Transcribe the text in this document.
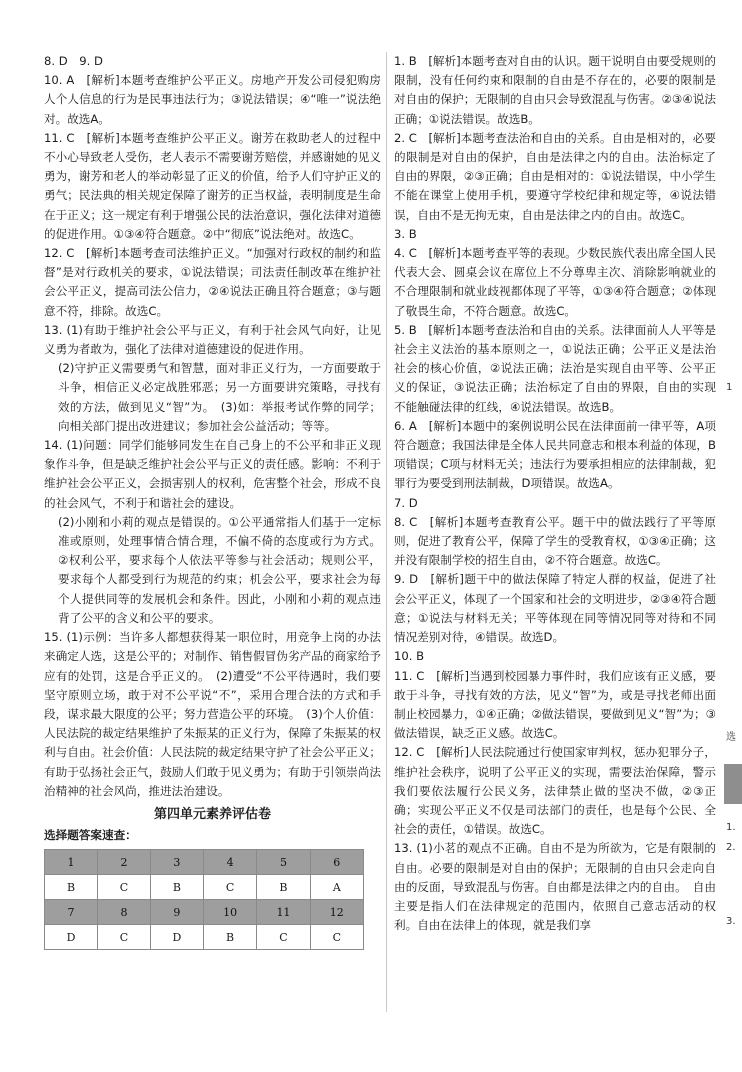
8. D　9. D

10. A　[解析]本题考查维护公平正义。房地产开发公司侵犯购房人个人信息的行为是民事违法行为；③说法错误；④“唯一”说法绝对。故选A。

11. C　[解析]本题考查维护公平正义。谢芳在救助老人的过程中不小心导致老人受伤，老人表示不需要谢芳赔偿，并感谢她的见义勇为，谢芳和老人的举动彰显了正义的价值，给予人们守护正义的勇气；民法典的相关规定保障了谢芳的正当权益，表明制度是生命在于正义；这一规定有利于增强公民的法治意识，强化法律对道德的促进作用。①③④符合题意。②中“彻底”说法绝对。故选C。

12. C　[解析]本题考查司法维护正义。“加强对行政权的制约和监督”是对行政机关的要求，①说法错误；司法责任制改革在维护社会公平正义，提高司法公信力，②④说法正确且符合题意；③与题意不符，排除。故选C。

13. (1)有助于维护社会公平与正义，有利于社会风气向好，让见义勇为者敢为，强化了法律对道德建设的促进作用。

(2)守护正义需要勇气和智慧，面对非正义行为，一方面要敢于斗争，相信正义必定战胜邪恶；另一方面要讲究策略，寻找有效的方法，做到见义“智”为。　(3)如：举报考试作弊的同学；向相关部门提出改进建议；参加社会公益活动；等等。

14. (1)问题：同学们能够同发生在自己身上的不公平和非正义现象作斗争，但是缺乏维护社会公平与正义的责任感。影响：不利于维护社会公平正义，会损害别人的权利，危害整个社会，形成不良的社会风气，不利于和谐社会的建设。

(2)小刚和小莉的观点是错误的。①公平通常指人们基于一定标准或原则，处理事情合情合理，不偏不倚的态度或行为方式。②权利公平，要求每个人依法平等参与社会活动；规则公平，要求每个人都受到行为规范的约束；机会公平，要求社会为每个人提供同等的发展机会和条件。因此，小刚和小莉的观点违背了公平的含义和公平的要求。

15. (1)示例：当许多人都想获得某一职位时，用竞争上岗的办法来确定人选，这是公平的；对制作、销售假冒伪劣产品的商家给予应有的处罚，这是合乎正义的。　(2)遭受“不公平待遇时，我们要坚守原则立场，敢于对不公平说“不”，采用合理合法的方式和手段，谋求最大限度的公平；努力营造公平的环境。　(3)个人价值：人民法院的裁定结果维护了朱振某的正义行为，保障了朱振某的权利与自由。社会价值：人民法院的裁定结果守护了社会公平正义；有助于弘扬社会正气，鼓励人们敢于见义勇为；有助于引领崇尚法治精神的社会风尚，推进法治建设。

第四单元素养评估卷
选择题答案速查：
1	2	3	4	5	6
B	C	B	C	B	A
7	8	9	10	11	12
D	C	D	B	C	C

1. B　[解析]本题考查对自由的认识。题干说明自由要受规则的限制，没有任何约束和限制的自由是不存在的，必要的限制是对自由的保护；无限制的自由只会导致混乱与伤害。②③④说法正确；①说法错误。故选B。

2. C　[解析]本题考查法治和自由的关系。自由是相对的，必要的限制是对自由的保护，自由是法律之内的自由。法治标定了自由的界限，②③正确；自由是相对的：①说法错误，中小学生不能在课堂上使用手机，要遵守学校纪律和规定等，④说法错误，自由不是无拘无束，自由是法律之内的自由。故选C。

3. B

4. C　[解析]本题考查平等的表现。少数民族代表出席全国人民代表大会、圆桌会议在席位上不分尊卑主次、消除影响就业的不合理限制和就业歧视都体现了平等，①③④符合题意；②体现了敬畏生命，不符合题意。故选C。

5. B　[解析]本题考查法治和自由的关系。法律面前人人平等是社会主义法治的基本原则之一，①说法正确；公平正义是法治社会的核心价值，②说法正确；法治是实现自由平等、公平正义的保证，③说法正确；法治标定了自由的界限，自由的实现不能触碰法律的红线，④说法错误。故选B。

6. A　[解析]本题中的案例说明公民在法律面前一律平等，A项符合题意；我国法律是全体人民共同意志和根本利益的体现，B项错误；C项与材料无关；违法行为要承担相应的法律制裁，犯罪行为要受到刑法制裁，D项错误。故选A。

7. D

8. C　[解析]本题考查教育公平。题干中的做法践行了平等原则，促进了教育公平，保障了学生的受教育权，①③④正确；这并没有限制学校的招生自由，②不符合题意。故选C。

9. D　[解析]题干中的做法保障了特定人群的权益，促进了社会公平正义，体现了一个国家和社会的文明进步，②③④符合题意；①说法与材料无关；平等体现在同等情况同等对待和不同情况差别对待，④错误。故选D。

10. B

11. C　[解析]当遇到校园暴力事件时，我们应该有正义感，要敢于斗争，寻找有效的方法，见义“智”为，或是寻找老师出面制止校园暴力，①④正确；②做法错误，要做到见义“智”为；③做法错误，缺乏正义感。故选C。

12. C　[解析]人民法院通过行使国家审判权，惩办犯罪分子，维护社会秩序，说明了公平正义的实现，需要法治保障，警示我们要依法履行公民义务，法律禁止做的坚决不做，②③正确；实现公平正义不仅是司法部门的责任，也是每个公民、全社会的责任，①错误。故选C。

13. (1)小茗的观点不正确。自由不是为所欲为，它是有限制的自由。必要的限制是对自由的保护；无限制的自由只会走向自由的反面，导致混乱与伤害。自由都是法律之内的自由。　自由主要是指人们在法律规定的范围内，依照自己意志活动的权利。自由在法律上的体现，就是我们享

1
选
1.
2.
3.
